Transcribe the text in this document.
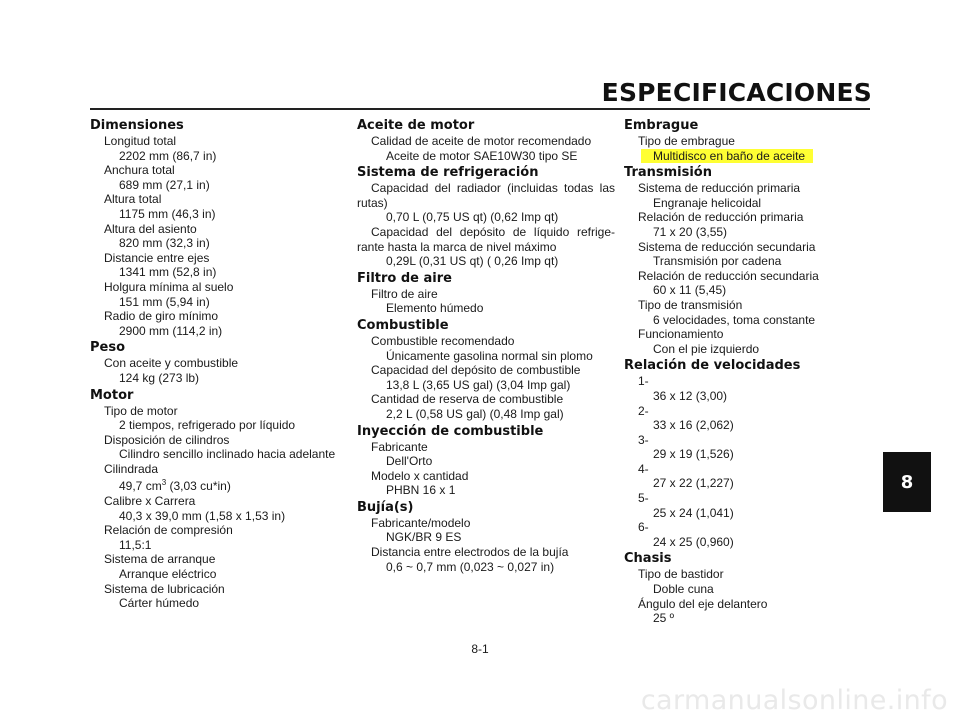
ESPECIFICACIONES
Dimensiones
Longitud total
2202 mm (86,7 in)
Anchura total
689 mm (27,1 in)
Altura total
1175 mm (46,3 in)
Altura del asiento
820 mm (32,3 in)
Distancie entre ejes
1341 mm (52,8 in)
Holgura mínima al suelo
151 mm (5,94 in)
Radio de giro mínimo
2900 mm (114,2 in)
Peso
Con aceite y combustible
124 kg (273 lb)
Motor
Tipo de motor
2 tiempos, refrigerado por líquido
Disposición de cilindros
Cilindro sencillo inclinado hacia adelante
Cilindrada
49,7 $cm^3$ (3,03 cu*in)
Calibre x Carrera
40,3 x 39,0 mm (1,58 x 1,53 in)
Relación de compresión
11,5:1
Sistema de arranque
Arranque eléctrico
Sistema de lubricación
Cárter húmedo
Aceite de motor
Calidad de aceite de motor recomendado
Aceite de motor SAE10W30 tipo SE
Sistema de refrigeración
Capacidad del radiador (incluidas todas las
rutas)
0,70 L (0,75 US qt) (0,62 Imp qt)
Capacidad del depósito de líquido refrige-
rante hasta la marca de nivel máximo
0,29L (0,31 US qt) ( 0,26 Imp qt)
Filtro de aire
Filtro de aire
Elemento húmedo
Combustible
Combustible recomendado
Únicamente gasolina normal sin plomo
Capacidad del depósito de combustible
13,8 L (3,65 US gal) (3,04 Imp gal)
Cantidad de reserva de combustible
2,2 L (0,58 US gal) (0,48 Imp gal)
Inyección de combustible
Fabricante
Dell'Orto
Modelo x cantidad
PHBN 16 x 1
Bujía(s)
Fabricante/modelo
NGK/BR 9 ES
Distancia entre electrodos de la bujía
0,6 ~ 0,7 mm (0,023 ~ 0,027 in)
Embrague
Tipo de embrague
Multidisco en baño de aceite
Transmisión
Sistema de reducción primaria
Engranaje helicoidal
Relación de reducción primaria
71 x 20 (3,55)
Sistema de reducción secundaria
Transmisión por cadena
Relación de reducción secundaria
60 x 11 (5,45)
Tipo de transmisión
6 velocidades, toma constante
Funcionamiento
Con el pie izquierdo
Relación de velocidades
1-
36 x 12 (3,00)
2-
33 x 16 (2,062)
3-
29 x 19 (1,526)
4-
27 x 22 (1,227)
5-
25 x 24 (1,041)
6-
24 x 25 (0,960)
Chasis
Tipo de bastidor
Doble cuna
Ángulo del eje delantero
25 º
8
8-1
carmanualsonline.info
